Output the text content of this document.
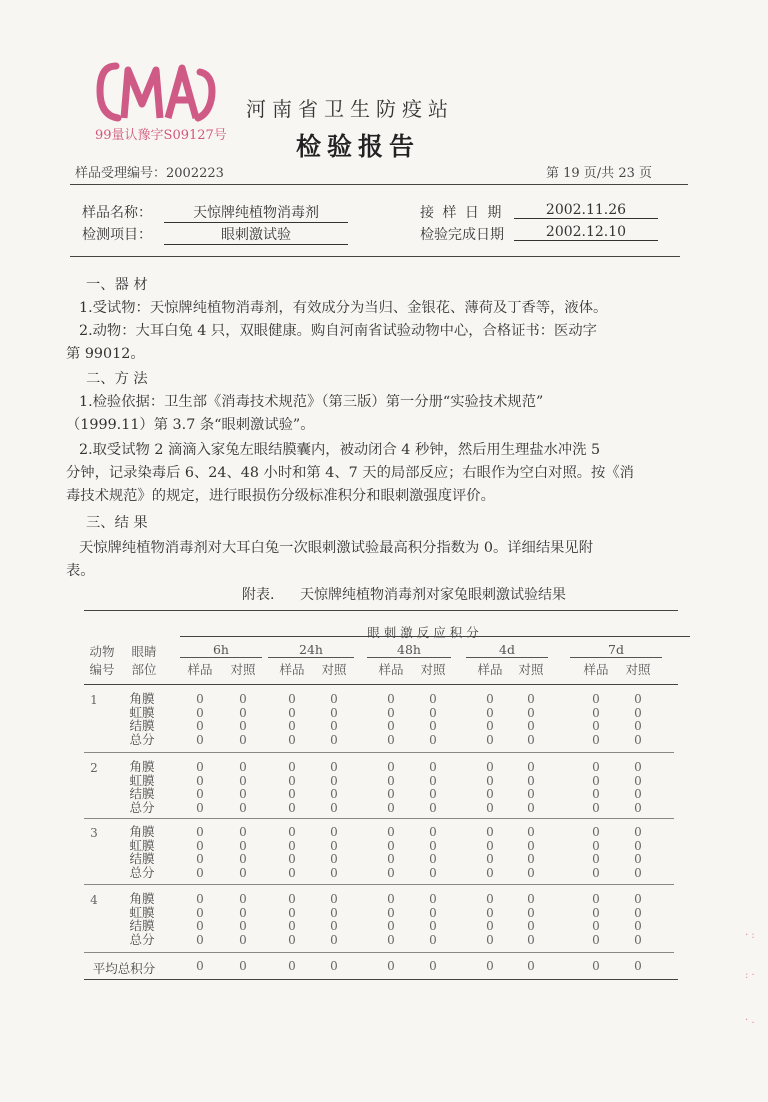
99量认豫字S09127号
河南省卫生防疫站
检验报告
样品受理编号：2002223	第 19 页/共 23 页
样品名称：	天惊牌纯植物消毒剂
检测项目：	眼刺激试验
接 样 日 期	2002.11.26
检验完成日期	2002.12.10
一、器 材
1.受试物：天惊牌纯植物消毒剂，有效成分为当归、金银花、薄荷及丁香等，液体。
2.动物：大耳白兔 4 只，双眼健康。购自河南省试验动物中心，合格证书：医动字
第 99012。
二、方 法
1.检验依据：卫生部《消毒技术规范》（第三版）第一分册“实验技术规范”
（1999.11）第 3.7 条“眼刺激试验”。
2.取受试物 2 滴滴入家兔左眼结膜囊内，被动闭合 4 秒钟，然后用生理盐水冲洗 5
分钟，记录染毒后 6、24、48 小时和第 4、7 天的局部反应；右眼作为空白对照。按《消
毒技术规范》的规定，进行眼损伤分级标准积分和眼刺激强度评价。
三、结 果
天惊牌纯植物消毒剂对大耳白兔一次眼刺激试验最高积分指数为 0。详细结果见附
表。
附表. 天惊牌纯植物消毒剂对家兔眼刺激试验结果
眼刺激反应积分
动物
编号
眼睛
部位
6h	24h	48h	4d	7d
样品	对照	样品	对照	样品	对照	样品	对照	样品	对照
1	角膜	0	0	0	0	0	0	0	0	0	0
虹膜	0	0	0	0	0	0	0	0	0	0
结膜	0	0	0	0	0	0	0	0	0	0
总分	0	0	0	0	0	0	0	0	0	0
2	角膜	0	0	0	0	0	0	0	0	0	0
虹膜	0	0	0	0	0	0	0	0	0	0
结膜	0	0	0	0	0	0	0	0	0	0
总分	0	0	0	0	0	0	0	0	0	0
3	角膜	0	0	0	0	0	0	0	0	0	0
虹膜	0	0	0	0	0	0	0	0	0	0
结膜	0	0	0	0	0	0	0	0	0	0
总分	0	0	0	0	0	0	0	0	0	0
4	角膜	0	0	0	0	0	0	0	0	0	0
虹膜	0	0	0	0	0	0	0	0	0	0
结膜	0	0	0	0	0	0	0	0	0	0
总分	0	0	0	0	0	0	0	0	0	0
平均总积分	0	0	0	0	0	0	0	0	0	0
· :
: ·
· .
